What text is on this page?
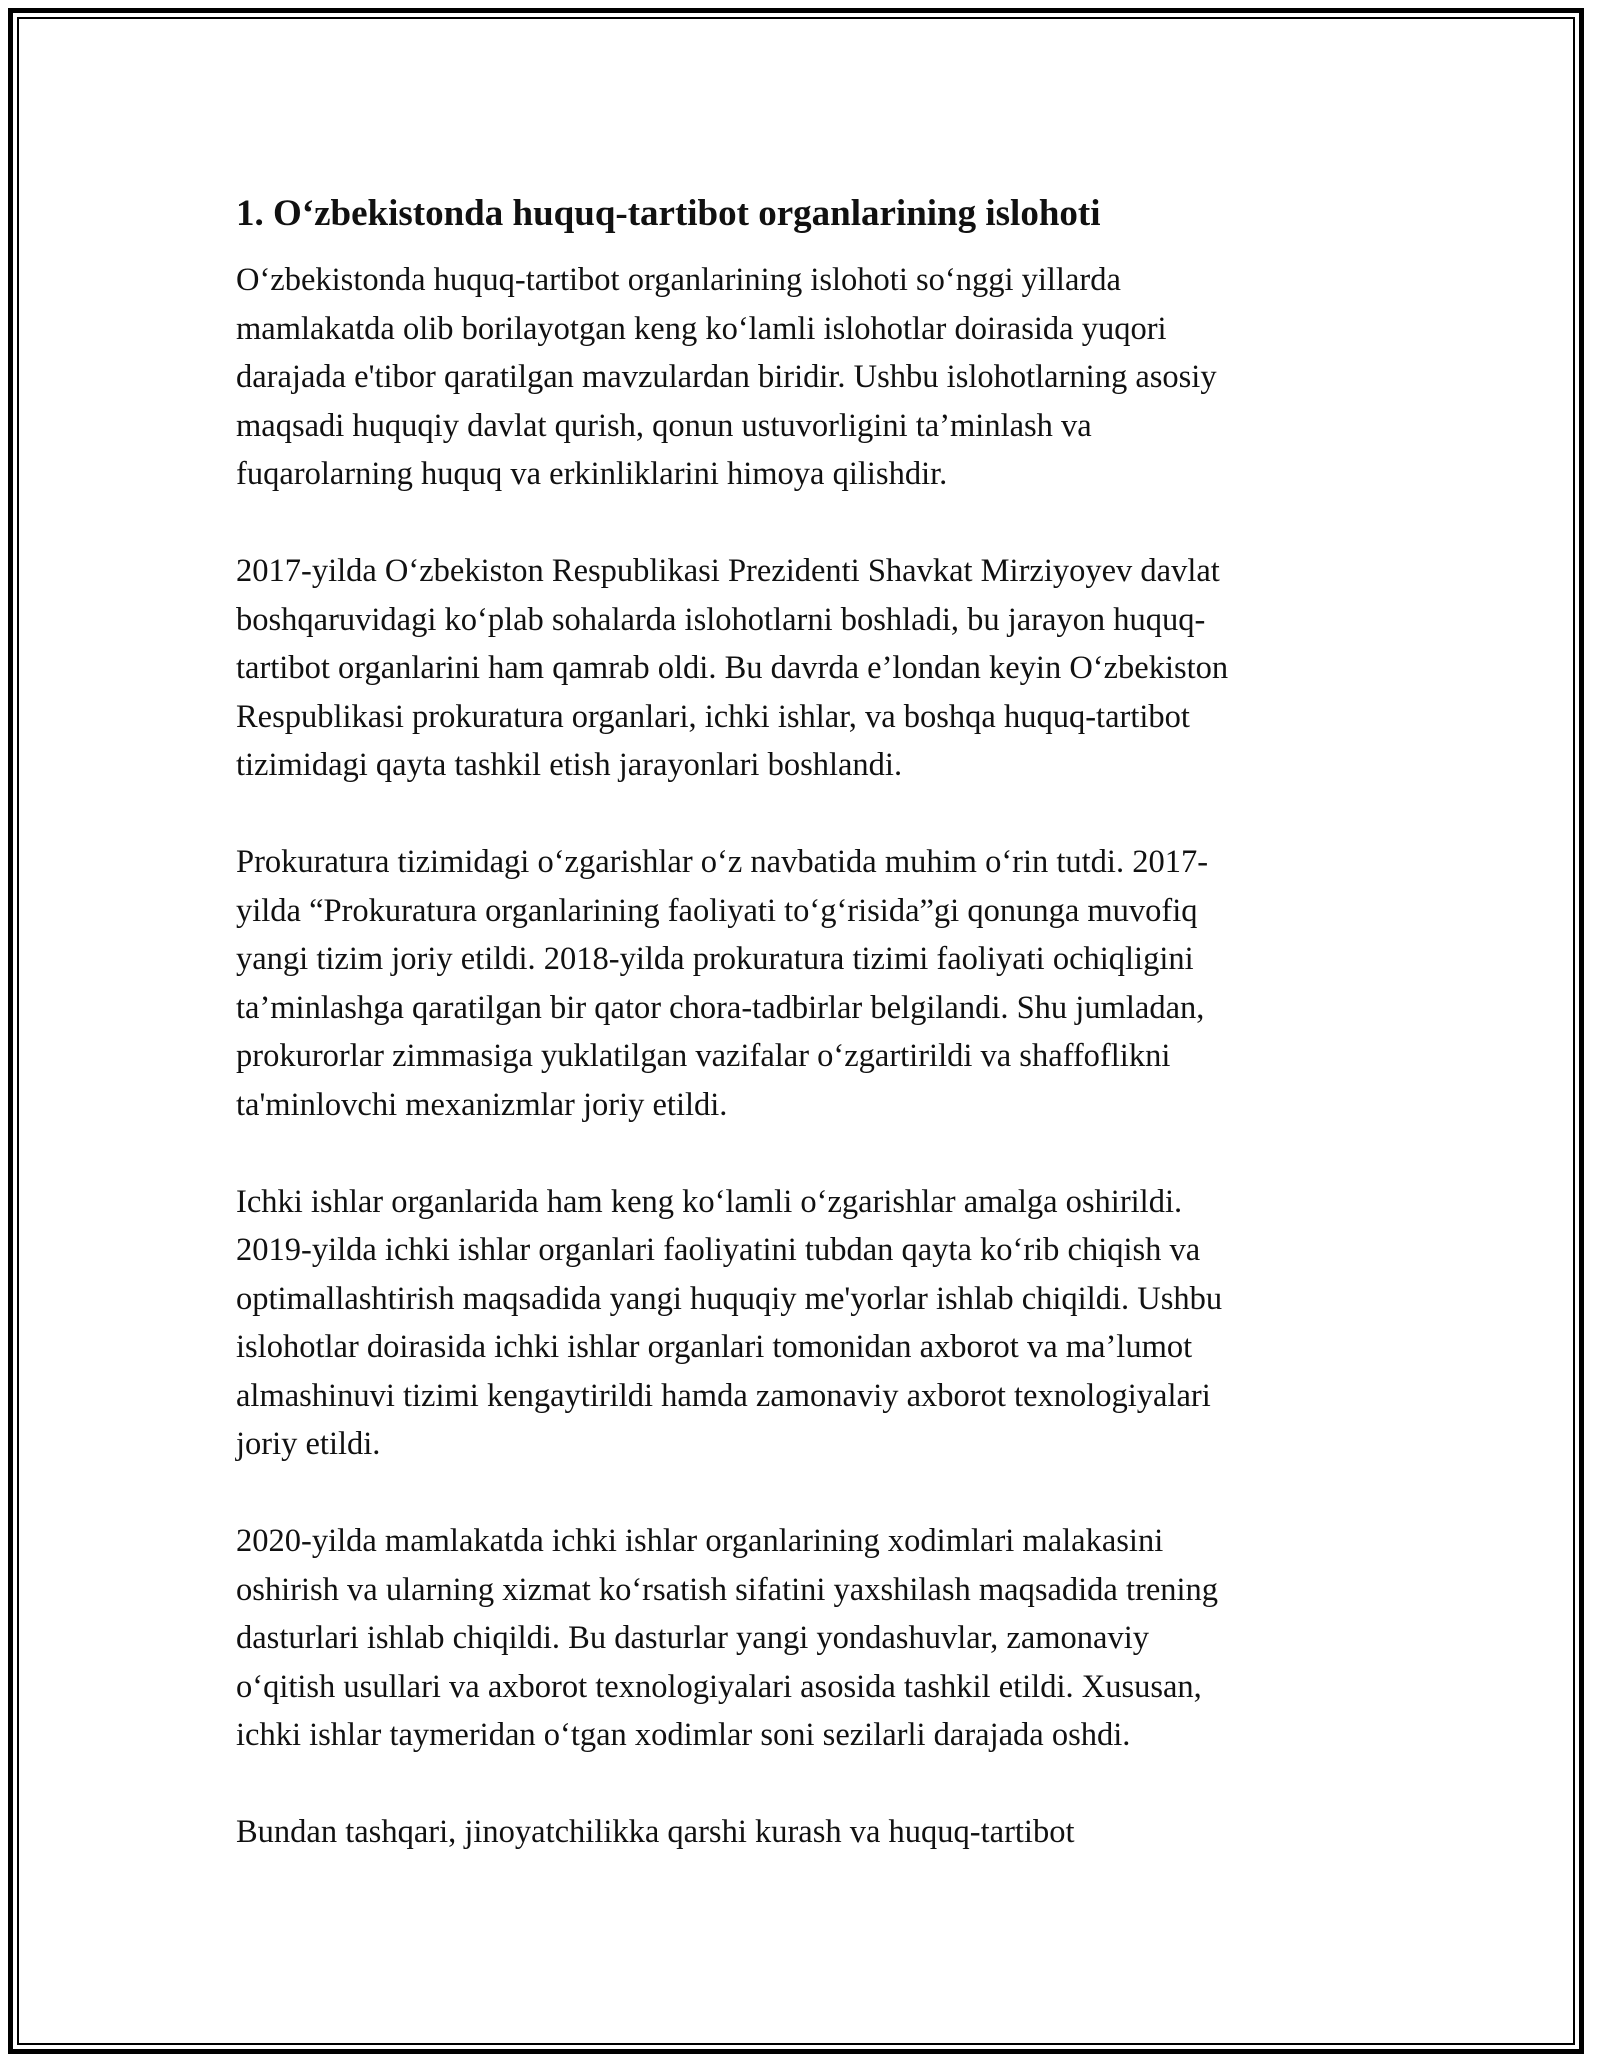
1. O‘zbekistonda huquq-tartibot organlarining islohoti

O‘zbekistonda huquq-tartibot organlarining islohoti so‘nggi yillarda
mamlakatda olib borilayotgan keng ko‘lamli islohotlar doirasida yuqori
darajada e'tibor qaratilgan mavzulardan biridir. Ushbu islohotlarning asosiy
maqsadi huquqiy davlat qurish, qonun ustuvorligini ta’minlash va
fuqarolarning huquq va erkinliklarini himoya qilishdir.

2017-yilda O‘zbekiston Respublikasi Prezidenti Shavkat Mirziyoyev davlat
boshqaruvidagi ko‘plab sohalarda islohotlarni boshladi, bu jarayon huquq-
tartibot organlarini ham qamrab oldi. Bu davrda e’londan keyin O‘zbekiston
Respublikasi prokuratura organlari, ichki ishlar, va boshqa huquq-tartibot
tizimidagi qayta tashkil etish jarayonlari boshlandi.

Prokuratura tizimidagi o‘zgarishlar o‘z navbatida muhim o‘rin tutdi. 2017-
yilda “Prokuratura organlarining faoliyati to‘g‘risida”gi qonunga muvofiq
yangi tizim joriy etildi. 2018-yilda prokuratura tizimi faoliyati ochiqligini
ta’minlashga qaratilgan bir qator chora-tadbirlar belgilandi. Shu jumladan,
prokurorlar zimmasiga yuklatilgan vazifalar o‘zgartirildi va shaffoflikni
ta'minlovchi mexanizmlar joriy etildi.

Ichki ishlar organlarida ham keng ko‘lamli o‘zgarishlar amalga oshirildi.
2019-yilda ichki ishlar organlari faoliyatini tubdan qayta ko‘rib chiqish va
optimallashtirish maqsadida yangi huquqiy me'yorlar ishlab chiqildi. Ushbu
islohotlar doirasida ichki ishlar organlari tomonidan axborot va ma’lumot
almashinuvi tizimi kengaytirildi hamda zamonaviy axborot texnologiyalari
joriy etildi.

2020-yilda mamlakatda ichki ishlar organlarining xodimlari malakasini
oshirish va ularning xizmat ko‘rsatish sifatini yaxshilash maqsadida trening
dasturlari ishlab chiqildi. Bu dasturlar yangi yondashuvlar, zamonaviy
o‘qitish usullari va axborot texnologiyalari asosida tashkil etildi. Xususan,
ichki ishlar taymeridan o‘tgan xodimlar soni sezilarli darajada oshdi.

Bundan tashqari, jinoyatchilikka qarshi kurash va huquq-tartibot
